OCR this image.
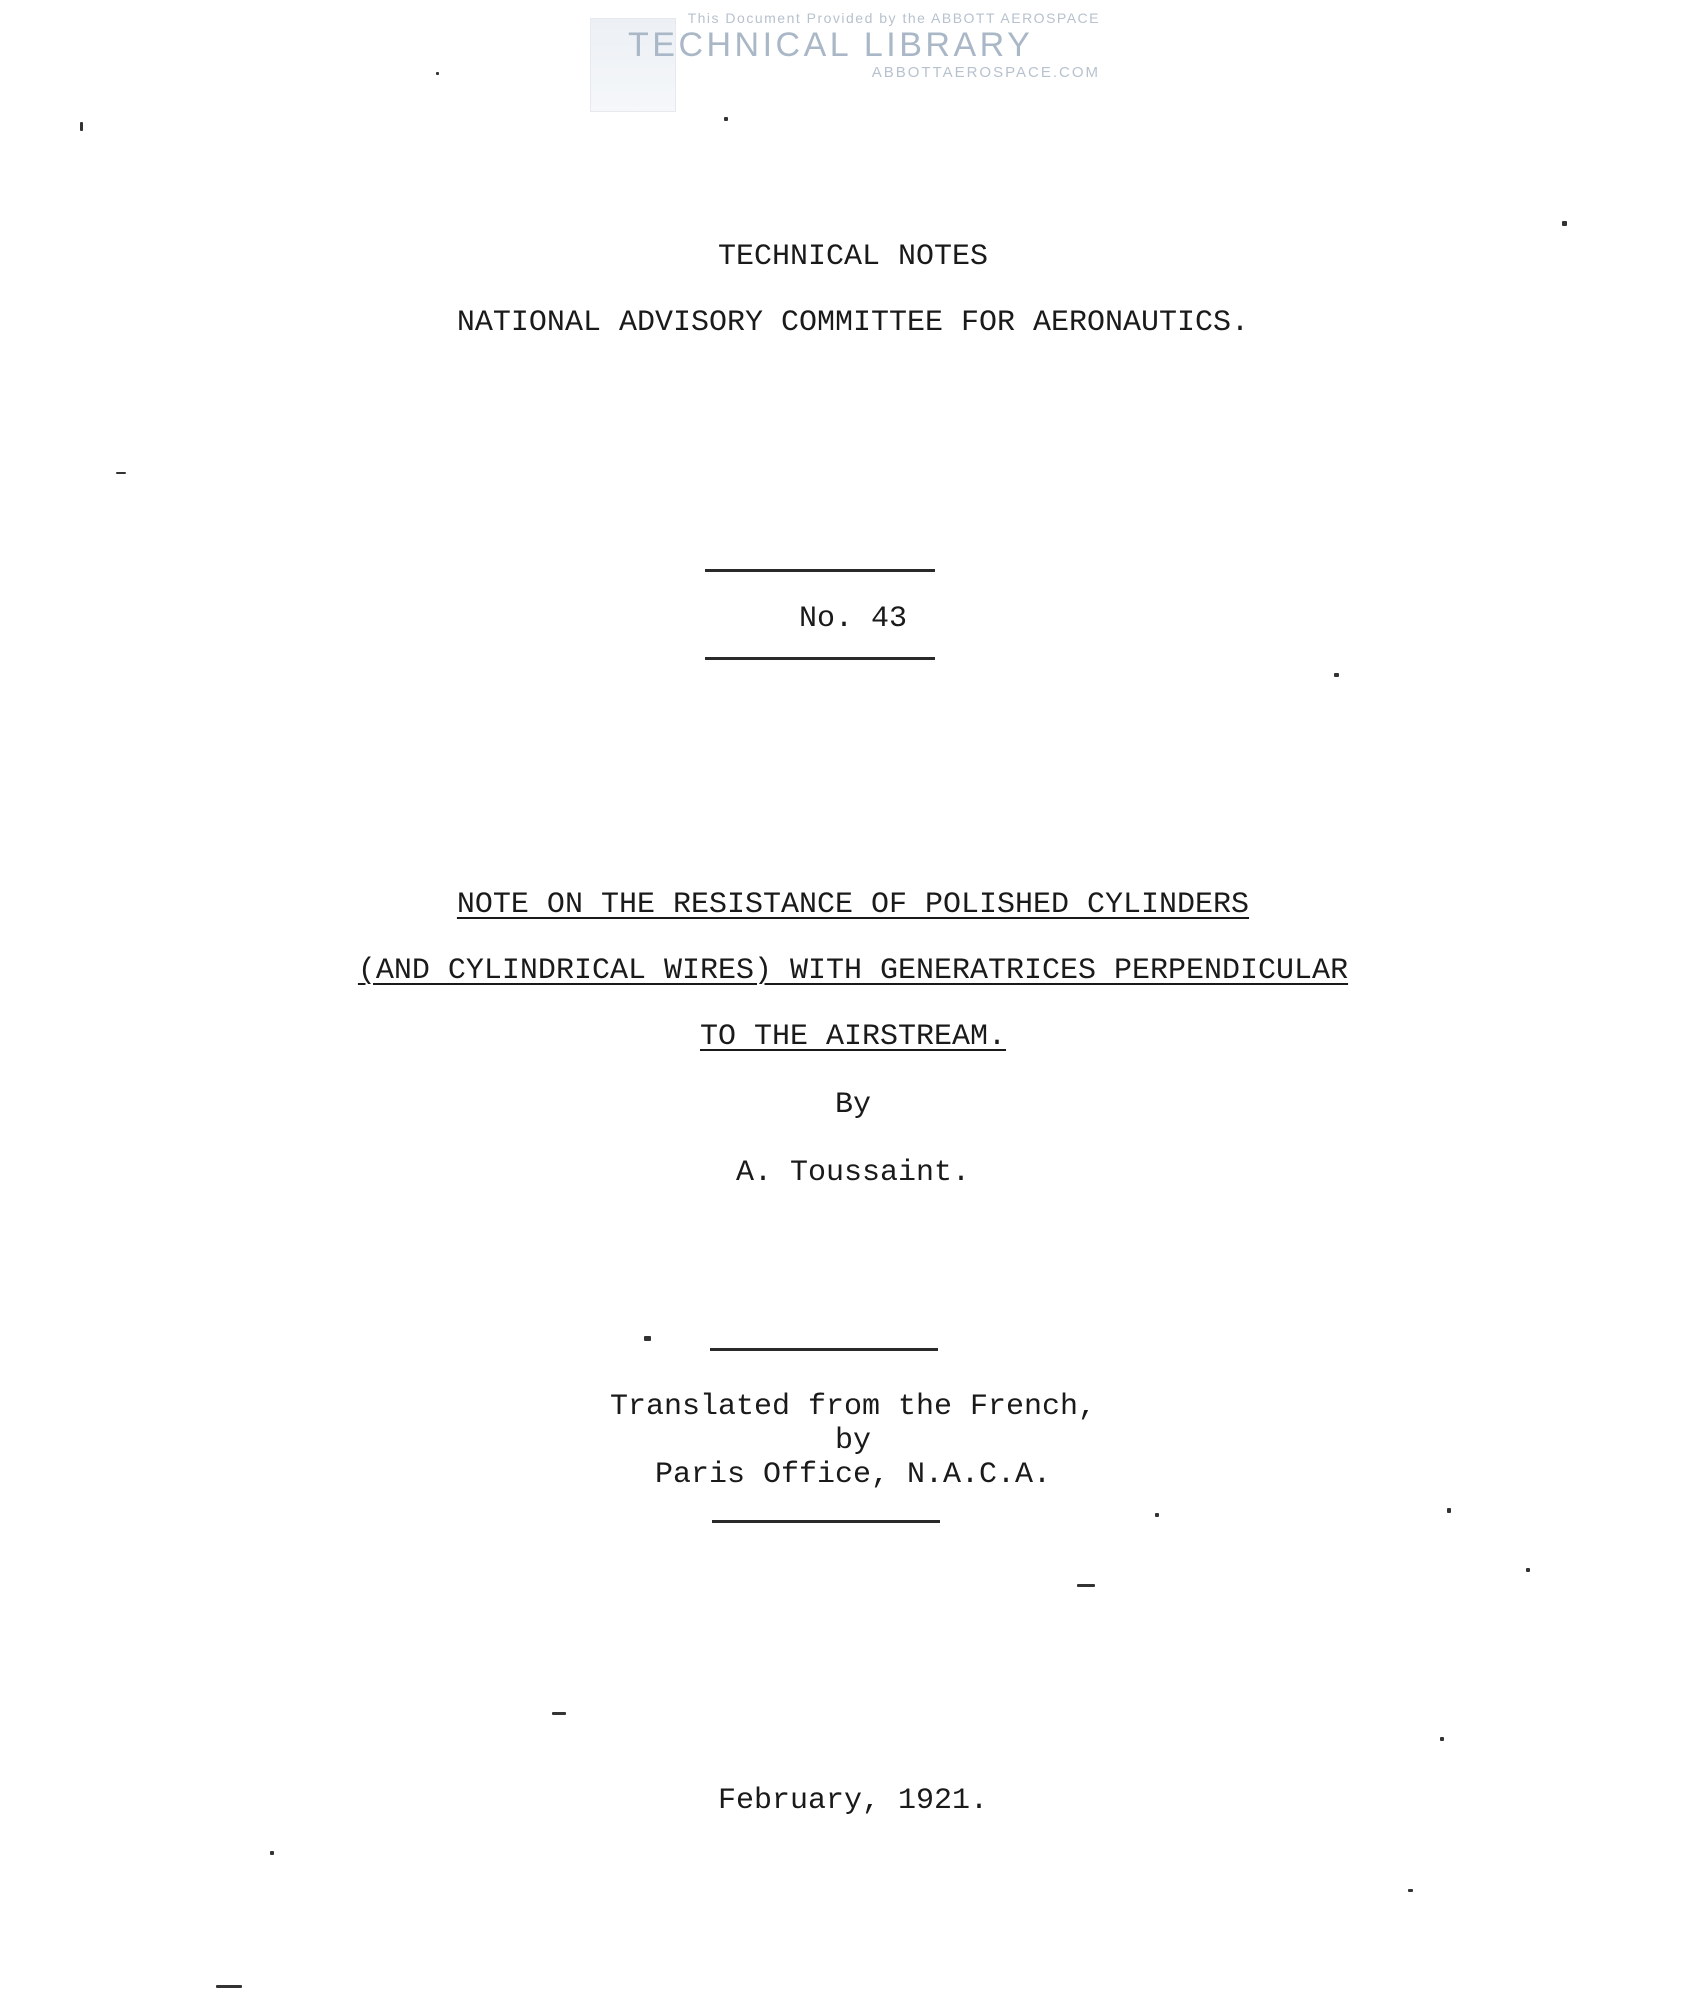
This Document Provided by the ABBOTT AEROSPACE
TECHNICAL LIBRARY
ABBOTTAEROSPACE.COM
TECHNICAL NOTES
NATIONAL ADVISORY COMMITTEE FOR AERONAUTICS.
No. 43
NOTE ON THE RESISTANCE OF POLISHED CYLINDERS
(AND CYLINDRICAL WIRES) WITH GENERATRICES PERPENDICULAR
TO THE AIRSTREAM.
By
A. Toussaint.
Translated from the French,
by
Paris Office, N.A.C.A.
February, 1921.
